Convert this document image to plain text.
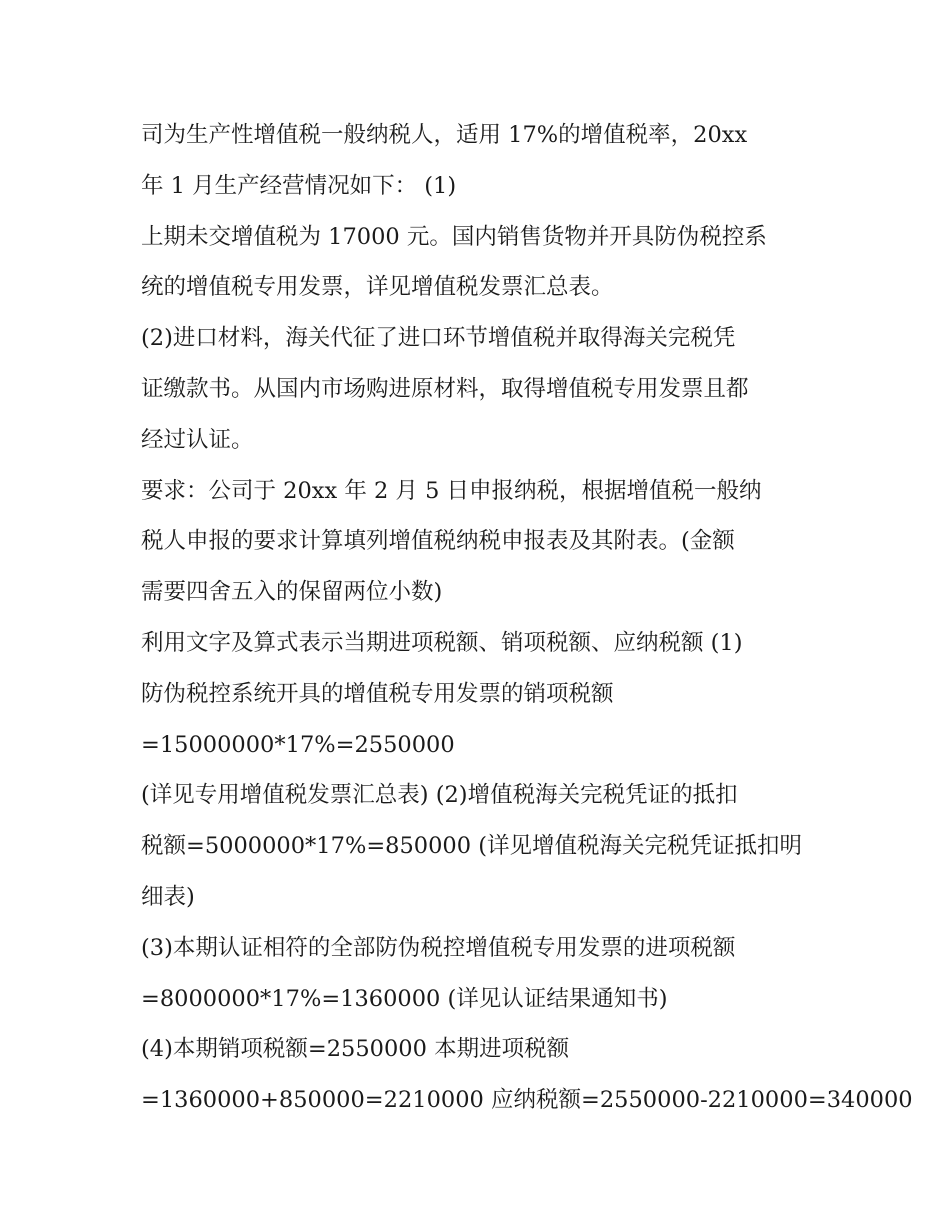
司为生产性增值税一般纳税人，适用 17%的增值税率，20xx
年 1 月生产经营情况如下： (1)
上期未交增值税为 17000 元。国内销售货物并开具防伪税控系
统的增值税专用发票，详见增值税发票汇总表。
(2)进口材料，海关代征了进口环节增值税并取得海关完税凭
证缴款书。从国内市场购进原材料，取得增值税专用发票且都
经过认证。
要求：公司于 20xx 年 2 月 5 日申报纳税，根据增值税一般纳
税人申报的要求计算填列增值税纳税申报表及其附表。(金额
需要四舍五入的保留两位小数)
利用文字及算式表示当期进项税额、销项税额、应纳税额 (1)
防伪税控系统开具的增值税专用发票的销项税额
=15000000*17%=2550000
(详见专用增值税发票汇总表) (2)增值税海关完税凭证的抵扣
税额=5000000*17%=850000 (详见增值税海关完税凭证抵扣明
细表)
(3)本期认证相符的全部防伪税控增值税专用发票的进项税额
=8000000*17%=1360000 (详见认证结果通知书)
(4)本期销项税额=2550000 本期进项税额
=1360000+850000=2210000 应纳税额=2550000-2210000=340000
